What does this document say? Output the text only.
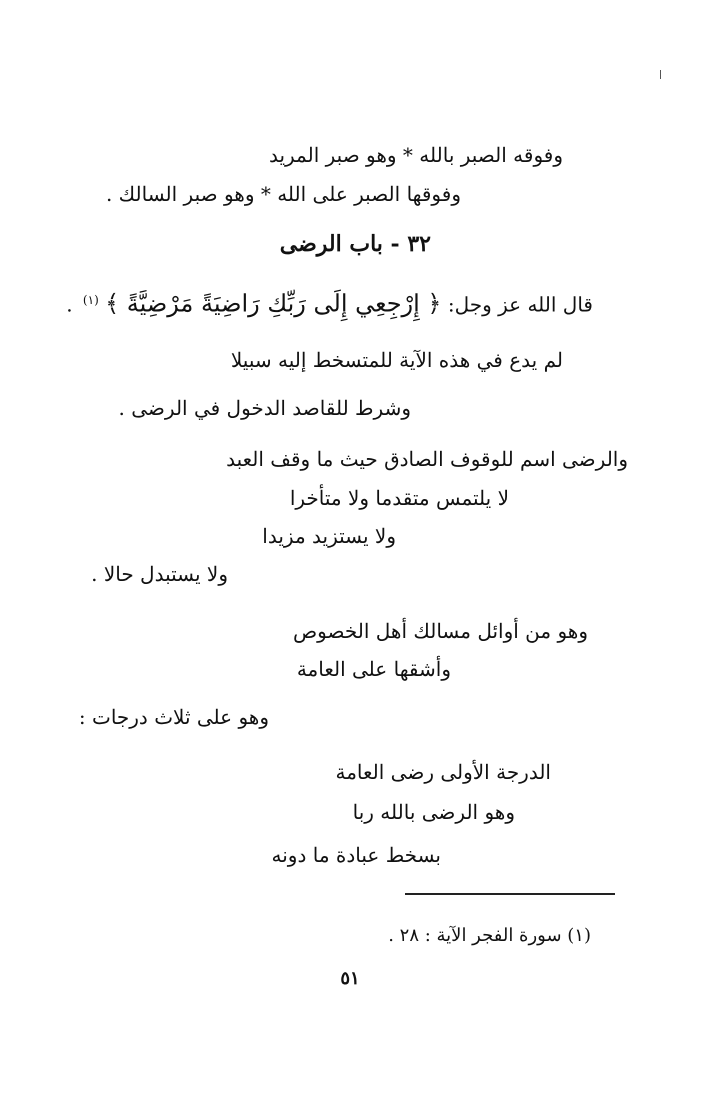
وفوقه الصبر بالله * وهو صبر المريد
وفوقها الصبر على الله * وهو صبر السالك .
٣٢ - باب الرضى
قال الله عز وجل: ﴿ إِرْجِعِي إِلَى رَبِّكِ رَاضِيَةً مَرْضِيَّةً ﴾ $^{(١)}$ .
لم يدع في هذه الآية للمتسخط إليه سبيلا
وشرط للقاصد الدخول في الرضى .
والرضى اسم للوقوف الصادق حيث ما وقف العبد
لا يلتمس متقدما ولا متأخرا
ولا يستزيد مزيدا
ولا يستبدل حالا .
وهو من أوائل مسالك أهل الخصوص
وأشقها على العامة
وهو على ثلاث درجات :
الدرجة الأولى رضى العامة
وهو الرضى بالله ربا
بسخط عبادة ما دونه
(١) سورة الفجر الآية : ٢٨ .
٥١
